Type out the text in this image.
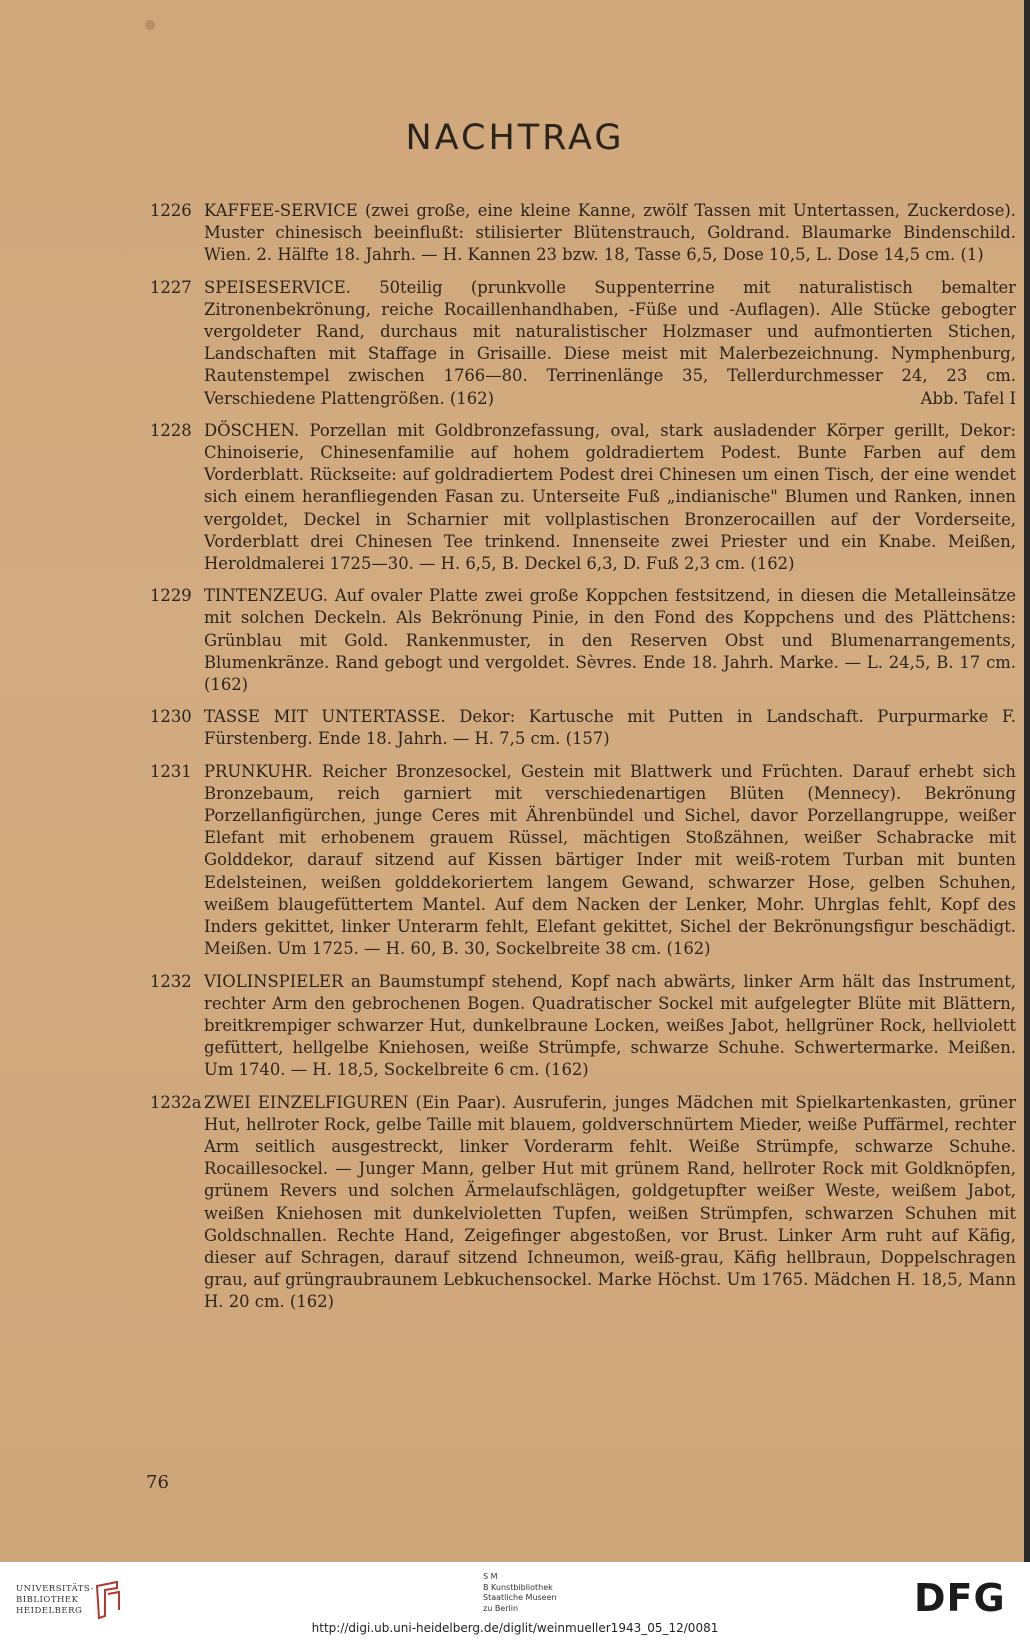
NACHTRAG
1226 KAFFEE-SERVICE (zwei große, eine kleine Kanne, zwölf Tassen mit Untertassen, Zuckerdose). Muster chinesisch beeinflußt: stilisierter Blütenstrauch, Goldrand. Blaumarke Bindenschild. Wien. 2. Hälfte 18. Jahrh. — H. Kannen 23 bzw. 18, Tasse 6,5, Dose 10,5, L. Dose 14,5 cm. (1)
1227 SPEISESERVICE. 50teilig (prunkvolle Suppenterrine mit naturalistisch bemalter Zitronenbekrönung, reiche Rocaillenhandhaben, -Füße und -Auflagen). Alle Stücke gebogter vergoldeter Rand, durchaus mit naturalistischer Holzmaser und aufmontierten Stichen, Landschaften mit Staffage in Grisaille. Diese meist mit Malerbezeichnung. Nymphenburg, Rautenstempel zwischen 1766—80. Terrinenlänge 35, Tellerdurchmesser 24, 23 cm. Verschiedene Plattengrößen. (162)	Abb. Tafel I
1228 DÖSCHEN. Porzellan mit Goldbronzefassung, oval, stark ausladender Körper gerillt, Dekor: Chinoiserie, Chinesenfamilie auf hohem goldradiertem Podest. Bunte Farben auf dem Vorderblatt. Rückseite: auf goldradiertem Podest drei Chinesen um einen Tisch, der eine wendet sich einem heranfliegenden Fasan zu. Unterseite Fuß „indianische" Blumen und Ranken, innen vergoldet, Deckel in Scharnier mit vollplastischen Bronzerocaillen auf der Vorderseite, Vorderblatt drei Chinesen Tee trinkend. Innenseite zwei Priester und ein Knabe. Meißen, Heroldmalerei 1725—30. — H. 6,5, B. Deckel 6,3, D. Fuß 2,3 cm. (162)
1229 TINTENZEUG. Auf ovaler Platte zwei große Koppchen festsitzend, in diesen die Metalleinsätze mit solchen Deckeln. Als Bekrönung Pinie, in den Fond des Koppchens und des Plättchens: Grünblau mit Gold. Rankenmuster, in den Reserven Obst und Blumenarrangements, Blumenkränze. Rand gebogt und vergoldet. Sèvres. Ende 18. Jahrh. Marke. — L. 24,5, B. 17 cm. (162)
1230 TASSE MIT UNTERTASSE. Dekor: Kartusche mit Putten in Landschaft. Purpurmarke F. Fürstenberg. Ende 18. Jahrh. — H. 7,5 cm. (157)
1231 PRUNKUHR. Reicher Bronzesockel, Gestein mit Blattwerk und Früchten. Darauf erhebt sich Bronzebaum, reich garniert mit verschiedenartigen Blüten (Mennecy). Bekrönung Porzellanfigürchen, junge Ceres mit Ährenbündel und Sichel, davor Porzellangruppe, weißer Elefant mit erhobenem grauem Rüssel, mächtigen Stoßzähnen, weißer Schabracke mit Golddekor, darauf sitzend auf Kissen bärtiger Inder mit weiß-rotem Turban mit bunten Edelsteinen, weißen golddekoriertem langem Gewand, schwarzer Hose, gelben Schuhen, weißem blaugefüttertem Mantel. Auf dem Nacken der Lenker, Mohr. Uhrglas fehlt, Kopf des Inders gekittet, linker Unterarm fehlt, Elefant gekittet, Sichel der Bekrönungsfigur beschädigt. Meißen. Um 1725. — H. 60, B. 30, Sockelbreite 38 cm. (162)
1232 VIOLINSPIELER an Baumstumpf stehend, Kopf nach abwärts, linker Arm hält das Instrument, rechter Arm den gebrochenen Bogen. Quadratischer Sockel mit aufgelegter Blüte mit Blättern, breitkrempiger schwarzer Hut, dunkelbraune Locken, weißes Jabot, hellgrüner Rock, hellviolett gefüttert, hellgelbe Kniehosen, weiße Strümpfe, schwarze Schuhe. Schwertermarke. Meißen. Um 1740. — H. 18,5, Sockelbreite 6 cm. (162)
1232a ZWEI EINZELFIGUREN (Ein Paar). Ausruferin, junges Mädchen mit Spielkartenkasten, grüner Hut, hellroter Rock, gelbe Taille mit blauem, goldverschnürtem Mieder, weiße Puffärmel, rechter Arm seitlich ausgestreckt, linker Vorderarm fehlt. Weiße Strümpfe, schwarze Schuhe. Rocaillesockel. — Junger Mann, gelber Hut mit grünem Rand, hellroter Rock mit Goldknöpfen, grünem Revers und solchen Ärmelaufschlägen, goldgetupfter weißer Weste, weißem Jabot, weißen Kniehosen mit dunkelvioletten Tupfen, weißen Strümpfen, schwarzen Schuhen mit Goldschnallen. Rechte Hand, Zeigefinger abgestoßen, vor Brust. Linker Arm ruht auf Käfig, dieser auf Schragen, darauf sitzend Ichneumon, weiß-grau, Käfig hellbraun, Doppelschragen grau, auf grüngraubraunem Lebkuchensockel. Marke Höchst. Um 1765. Mädchen H. 18,5, Mann H. 20 cm. (162)
76
UNIVERSITÄTS-
BIBLIOTHEK
HEIDELBERG
S M
B Kunstbibliothek
Staatliche Museen
zu Berlin	DFG
http://digi.ub.uni-heidelberg.de/diglit/weinmueller1943_05_12/0081
